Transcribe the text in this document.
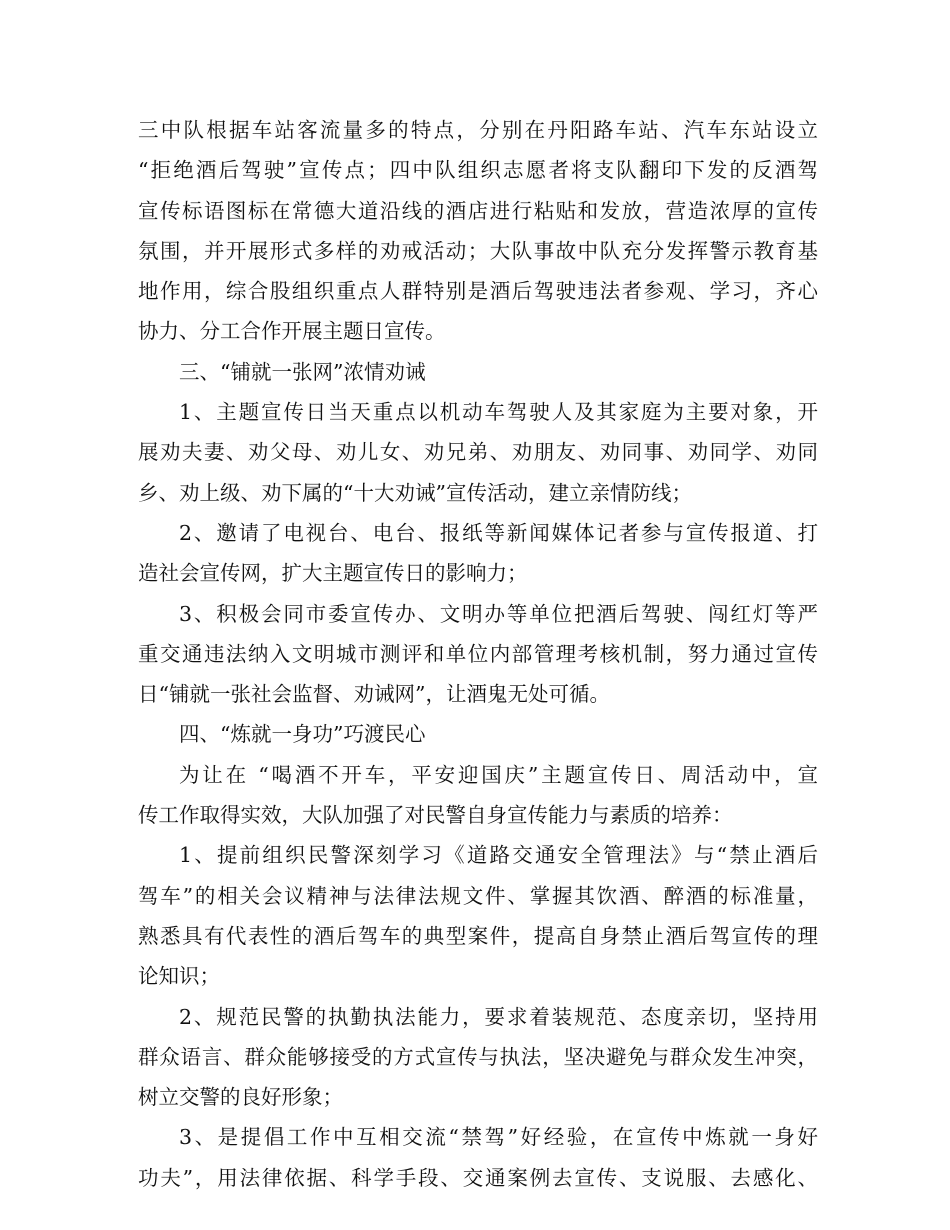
三中队根据车站客流量多的特点，分别在丹阳路车站、汽车东站设立
“拒绝酒后驾驶”宣传点；四中队组织志愿者将支队翻印下发的反酒驾
宣传标语图标在常德大道沿线的酒店进行粘贴和发放，营造浓厚的宣传
氛围，并开展形式多样的劝戒活动；大队事故中队充分发挥警示教育基
地作用，综合股组织重点人群特别是酒后驾驶违法者参观、学习，齐心
协力、分工合作开展主题日宣传。
三、“铺就一张网”浓情劝诫
1、主题宣传日当天重点以机动车驾驶人及其家庭为主要对象，开
展劝夫妻、劝父母、劝儿女、劝兄弟、劝朋友、劝同事、劝同学、劝同
乡、劝上级、劝下属的“十大劝诫”宣传活动，建立亲情防线；
2、邀请了电视台、电台、报纸等新闻媒体记者参与宣传报道、打
造社会宣传网，扩大主题宣传日的影响力；
3、积极会同市委宣传办、文明办等单位把酒后驾驶、闯红灯等严
重交通违法纳入文明城市测评和单位内部管理考核机制，努力通过宣传
日“铺就一张社会监督、劝诫网”，让酒鬼无处可循。
四、“炼就一身功”巧渡民心
为让在 “喝酒不开车，平安迎国庆”主题宣传日、周活动中，宣
传工作取得实效，大队加强了对民警自身宣传能力与素质的培养：
1、提前组织民警深刻学习《道路交通安全管理法》与“禁止酒后
驾车”的相关会议精神与法律法规文件、掌握其饮酒、醉酒的标准量，
熟悉具有代表性的酒后驾车的典型案件，提高自身禁止酒后驾宣传的理
论知识；
2、规范民警的执勤执法能力，要求着装规范、态度亲切，坚持用
群众语言、群众能够接受的方式宣传与执法，坚决避免与群众发生冲突，
树立交警的良好形象；
3、是提倡工作中互相交流“禁驾”好经验，在宣传中炼就一身好
功夫”，用法律依据、科学手段、交通案例去宣传、支说服、去感化、
